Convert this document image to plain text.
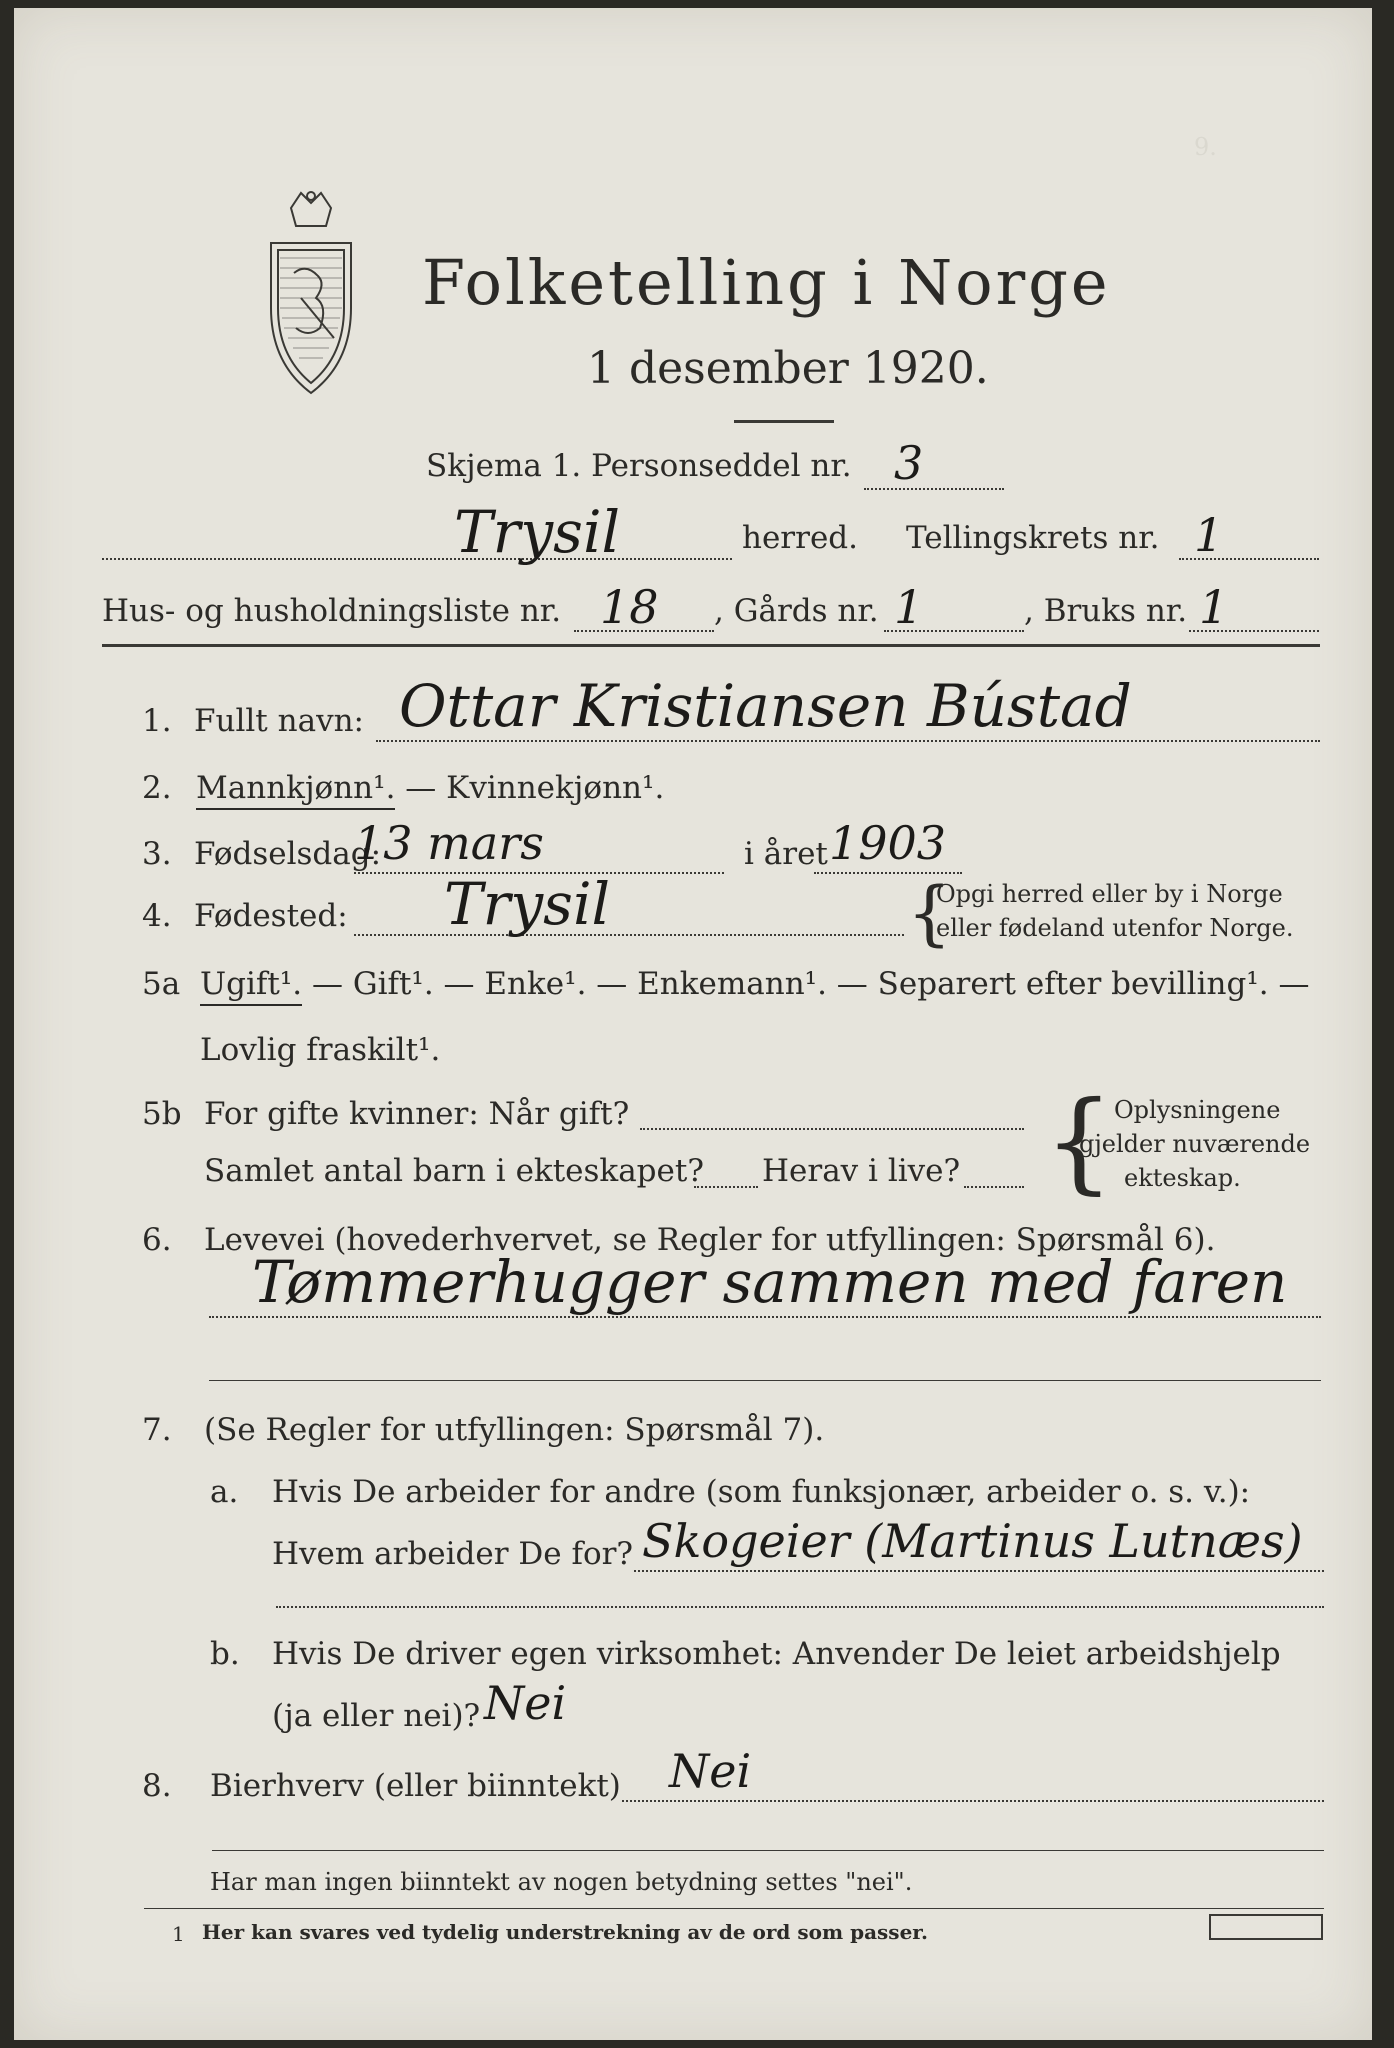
9.
Folketelling i Norge
1 desember 1920.
Skjema 1. Personseddel nr. 3
Trysil	herred. Tellingskrets nr. 1
Hus- og husholdningsliste nr. 18 , Gårds nr. 1	, Bruks nr. 1
1. Fullt navn: Ottar Kristiansen Bústad
2. Mannkjønn¹. — Kvinnekjønn¹.
3. Fødselsdag:
13 mars	i året 1903
4. Fødested: Trysil	{
Opgi herred eller by i Norge
eller fødeland utenfor Norge.
5a Ugift¹. — Gift¹. — Enke¹. — Enkemann¹. — Separert efter bevilling¹. —
Lovlig fraskilt¹.
5b For gifte kvinner: Når gift?
Samlet antal barn i ekteskapet? Herav i live? { Oplysningene
gjelder nuværende
ekteskap.
6. Levevei (hovederhvervet, se Regler for utfyllingen: Spørsmål 6).
Tømmerhugger sammen med faren
7. (Se Regler for utfyllingen: Spørsmål 7).
a. Hvis De arbeider for andre (som funksjonær, arbeider o. s. v.):
Hvem arbeider De for? Skogeier (Martinus Lutnæs)
b. Hvis De driver egen virksomhet: Anvender De leiet arbeidshjelp
(ja eller nei)? Nei
8. Bierhverv (eller biinntekt) Nei
Har man ingen biinntekt av nogen betydning settes "nei".
1 Her kan svares ved tydelig understrekning av de ord som passer.
